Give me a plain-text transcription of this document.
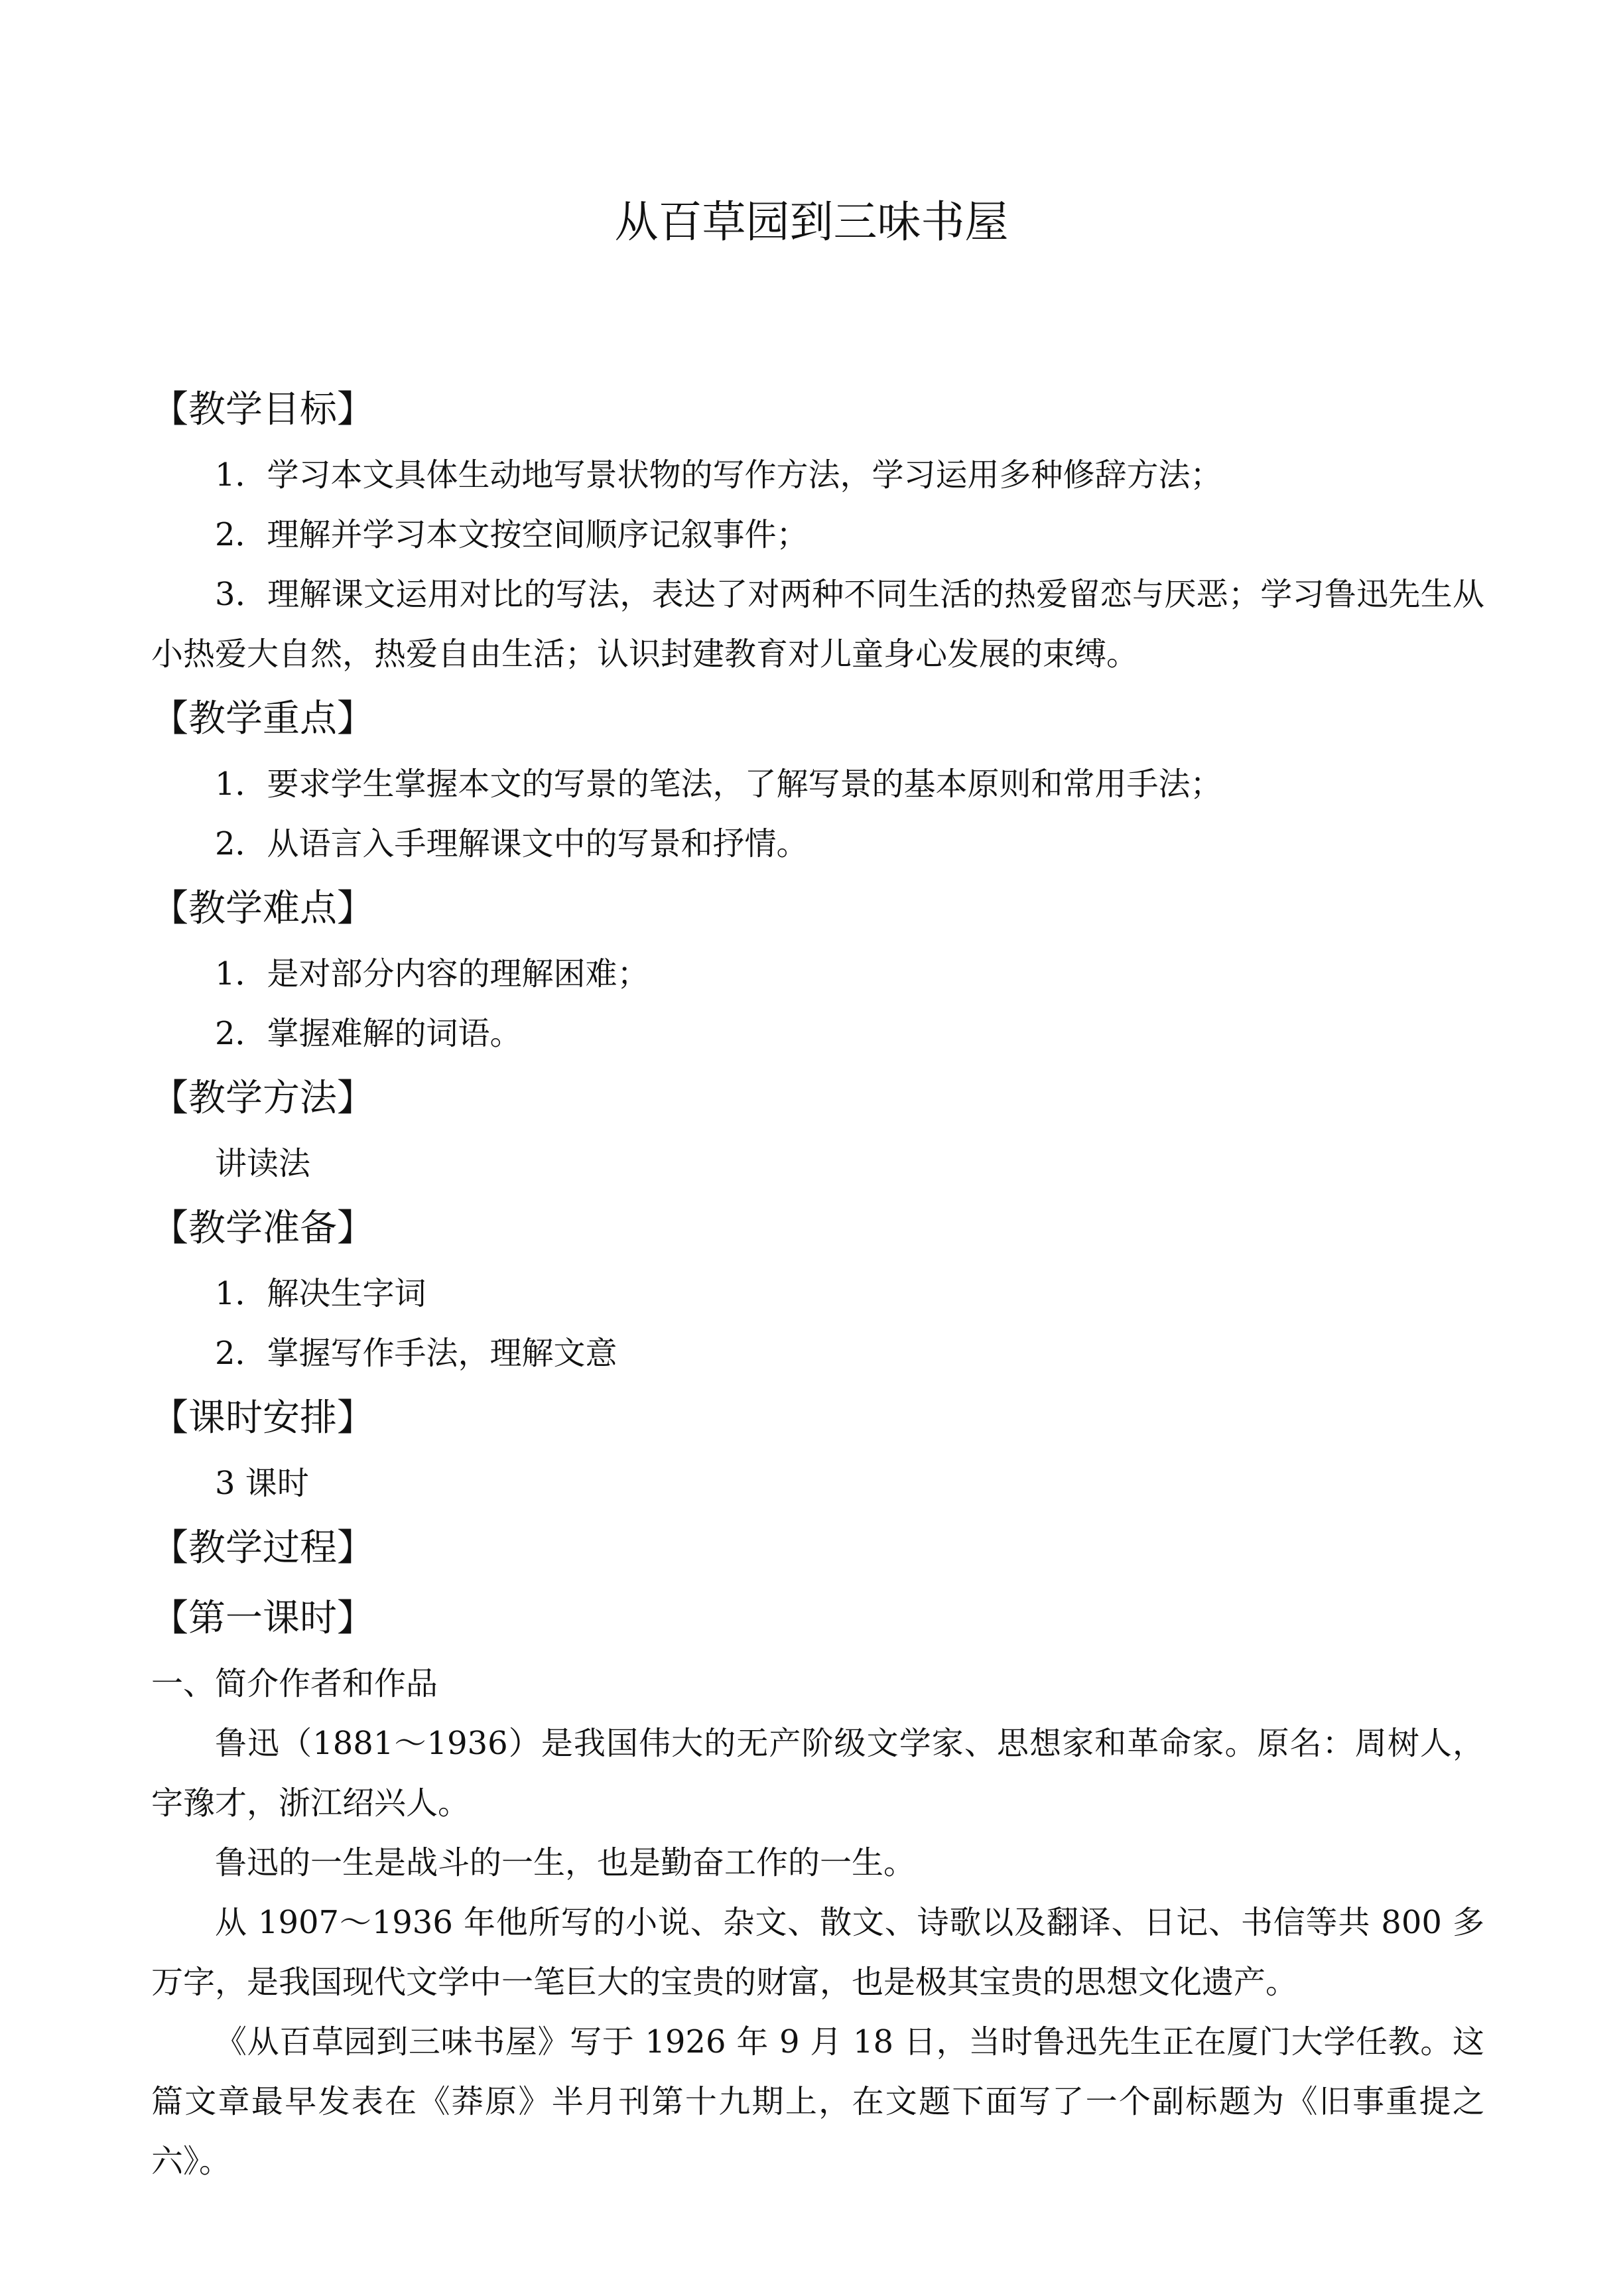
从百草园到三味书屋
【教学目标】

1．学习本文具体生动地写景状物的写作方法，学习运用多种修辞方法；

2．理解并学习本文按空间顺序记叙事件；

3．理解课文运用对比的写法，表达了对两种不同生活的热爱留恋与厌恶；学习鲁迅先生从小热爱大自然，热爱自由生活；认识封建教育对儿童身心发展的束缚。

【教学重点】

1．要求学生掌握本文的写景的笔法，了解写景的基本原则和常用手法；

2．从语言入手理解课文中的写景和抒情。

【教学难点】

1．是对部分内容的理解困难；

2．掌握难解的词语。

【教学方法】

讲读法

【教学准备】

1．解决生字词

2．掌握写作手法，理解文意

【课时安排】

3 课时

【教学过程】
【第一课时】

一、简介作者和作品

鲁迅（1881～1936）是我国伟大的无产阶级文学家、思想家和革命家。原名：周树人，字豫才，浙江绍兴人。

鲁迅的一生是战斗的一生，也是勤奋工作的一生。

从 1907～1936 年他所写的小说、杂文、散文、诗歌以及翻译、日记、书信等共 800 多万字，是我国现代文学中一笔巨大的宝贵的财富，也是极其宝贵的思想文化遗产。

《从百草园到三味书屋》写于 1926 年 9 月 18 日，当时鲁迅先生正在厦门大学任教。这篇文章最早发表在《莽原》半月刊第十九期上，在文题下面写了一个副标题为《旧事重提之六》。
